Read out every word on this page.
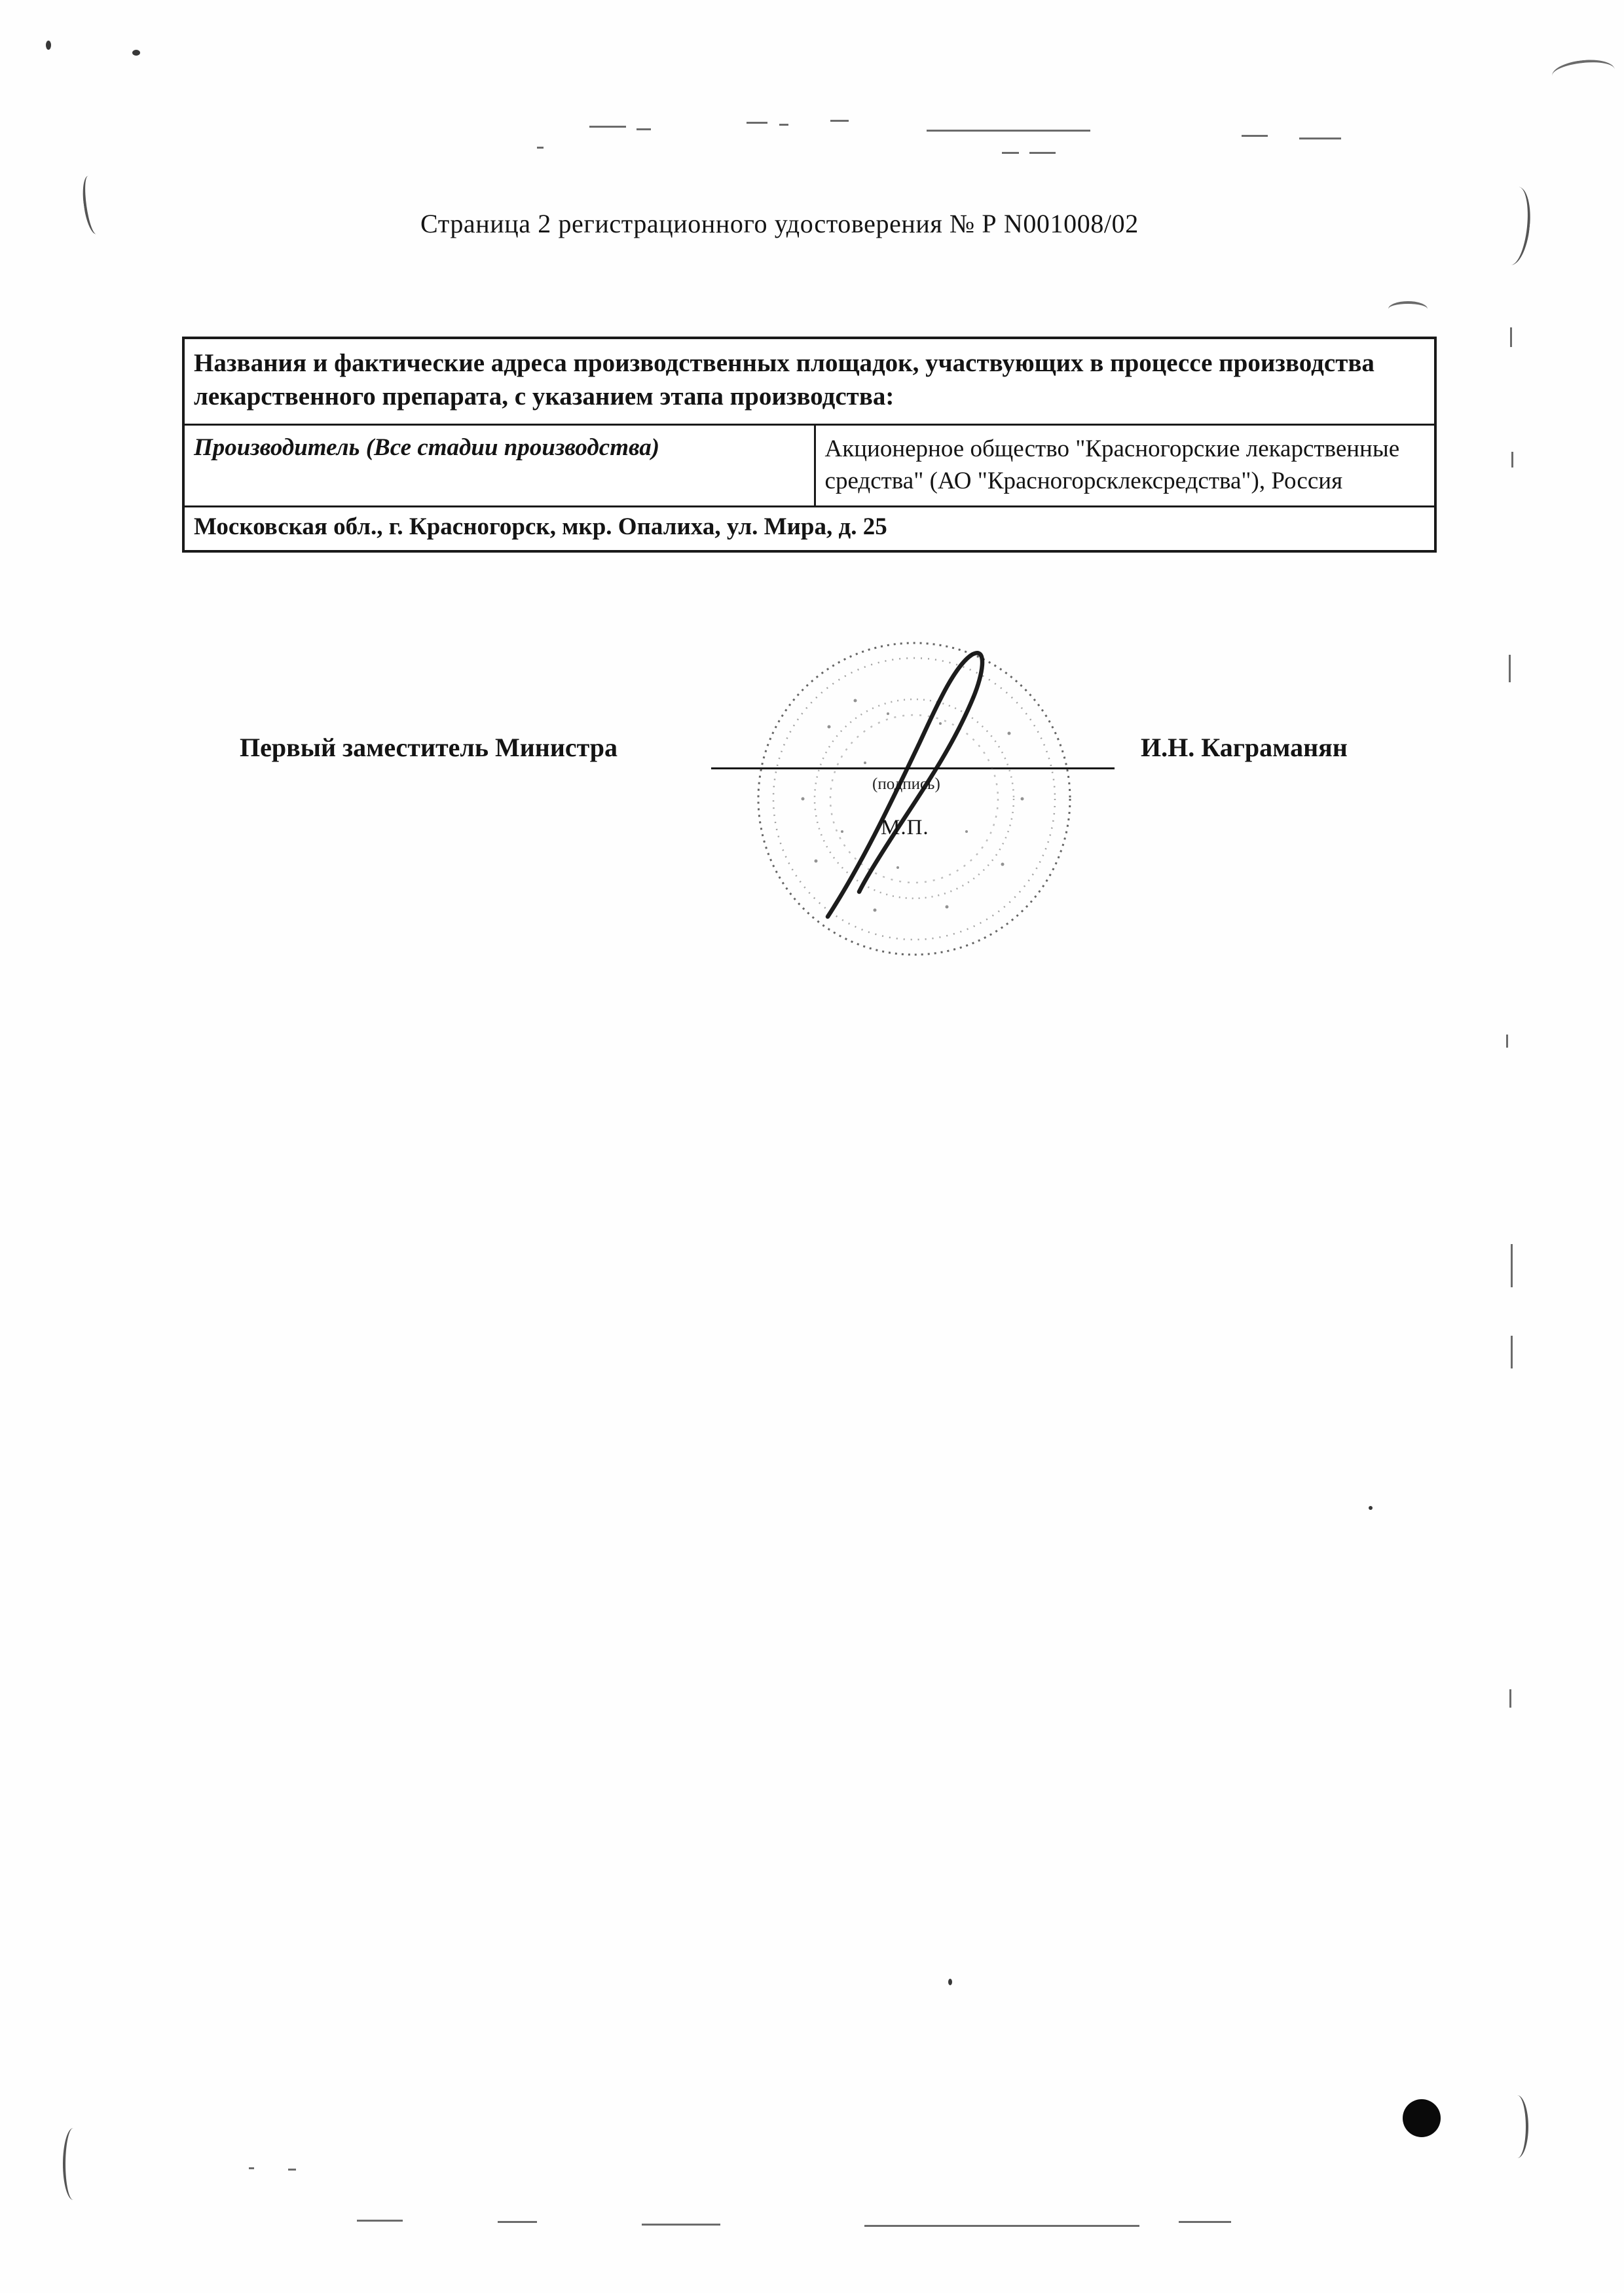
Страница 2 регистрационного удостоверения № Р N001008/02
Названия и фактические адреса производственных площадок, участвующих в процессе производства лекарственного препарата, с указанием этапа производства:
Производитель (Все стадии производства)	Акционерное общество "Красногорские лекарственные средства" (АО "Красногорсклексредства"), Россия
Московская обл., г. Красногорск, мкр. Опалиха, ул. Мира, д. 25
Первый заместитель Министра
(подпись)
М.П.
И.Н. Каграманян
